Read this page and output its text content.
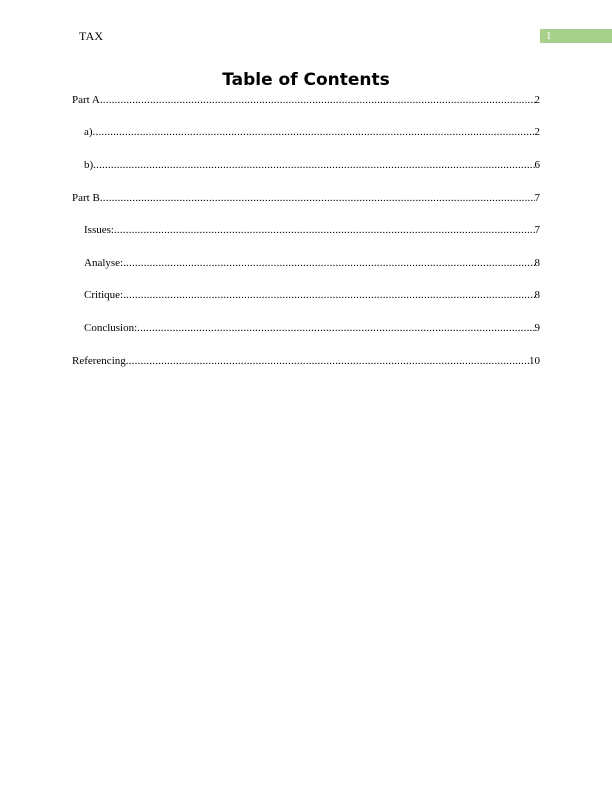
TAX	1
Table of Contents
Part A .....	2
a) .....	2
b) .....	6
Part B .....	7
Issues: .....	7
Analyse: .....	8
Critique: .....	8
Conclusion: .....	9
Referencing .....	10
